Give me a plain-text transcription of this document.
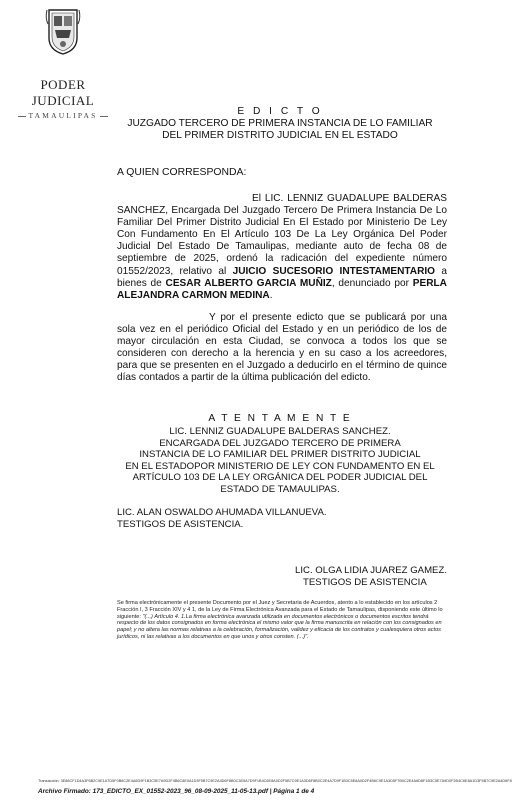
PODER JUDICIAL
TAMAULIPAS	E D I C T O
JUZGADO TERCERO DE PRIMERA INSTANCIA DE LO FAMILIAR
DEL PRIMER DISTRITO JUDICIAL EN EL ESTADO
A QUIEN CORRESPONDA:
El LIC. LENNIZ GUADALUPE BALDERAS SANCHEZ, Encargada Del Juzgado Tercero De Primera Instancia De Lo Familiar Del Primer Distrito Judicial En El Estado por Ministerio De Ley Con Fundamento En El Artículo 103 De La Ley Orgánica Del Poder Judicial Del Estado De Tamaulipas, mediante auto de fecha 08 de septiembre de 2025, ordenó la radicación del expediente número 01552/2023, relativo al JUICIO SUCESORIO INTESTAMENTARIO a bienes de CESAR ALBERTO GARCIA MUÑIZ, denunciado por PERLA ALEJANDRA CARMON MEDINA.
Y por el presente edicto que se publicará por una sola vez en el periódico Oficial del Estado y en un periódico de los de mayor circulación en esta Ciudad, se convoca a todos los que se consideren con derecho a la herencia y en su caso a los acreedores, para que se presenten en el Juzgado a deducirlo en el término de quince días contados a partir de la última publicación del edicto.
A T E N T A M E N T E
LIC. LENNIZ GUADALUPE BALDERAS SANCHEZ.
ENCARGADA DEL JUZGADO TERCERO DE PRIMERA
INSTANCIA DE LO FAMILIAR DEL PRIMER DISTRITO JUDICIAL
EN EL ESTADOPOR MINISTERIO DE LEY CON FUNDAMENTO EN EL
ARTÍCULO 103 DE LA LEY ORGÁNICA DEL PODER JUDICIAL DEL
ESTADO DE TAMAULIPAS.
LIC. ALAN OSWALDO AHUMADA VILLANUEVA.
TESTIGOS DE ASISTENCIA.
LIC. OLGA LIDIA JUAREZ GAMEZ.
TESTIGOS DE ASISTENCIA
Se firma electrónicamente el presente Documento por el Juez y Secretaria de Acuerdos, atento a lo establecido en los artículos 2 Fracción I, 3 Fracción XIV y 4 1, de la Ley de Firma Electrónica Avanzada para el Estado de Tamaulipas, disponiendo este último lo siguiente: "(...) Artículo 4. 1.La firma electrónica avanzada utilizada en documentos electrónicos o documentos escritos tendrá respecto de los datos consignados en forma electrónica el mismo valor que la firma manuscrita en relación con los consignados en papel; y no altera las normas relativas a la celebración, formalización, validez y eficacia de los contratos y cualesquiera otros actos jurídicos, ni las relativas a los documentos en que unos y otros consten. (...)".
Transacción: 3E88CF1D4A3F6B2C9E1A7D5F0B8C2E4A6D9F1B3C5E7A9D2F4B6C8E0A1D3F5B7C9E2A4D6F8B0C3E5A7D9F1B4C6E8A0D2F5B7C9E1A3D6F8B0C2E4A7D9F1B3C5E8A0D2F4B6C9E1A3D5F7B0C2E4A6D8F1B3C5E7A9D0F2B4C6E8A1D3F5B7C9E2A4D6F8
Archivo Firmado: 173_EDICTO_EX_01552-2023_96_08-09-2025_11-05-13.pdf | Página 1 de 4
